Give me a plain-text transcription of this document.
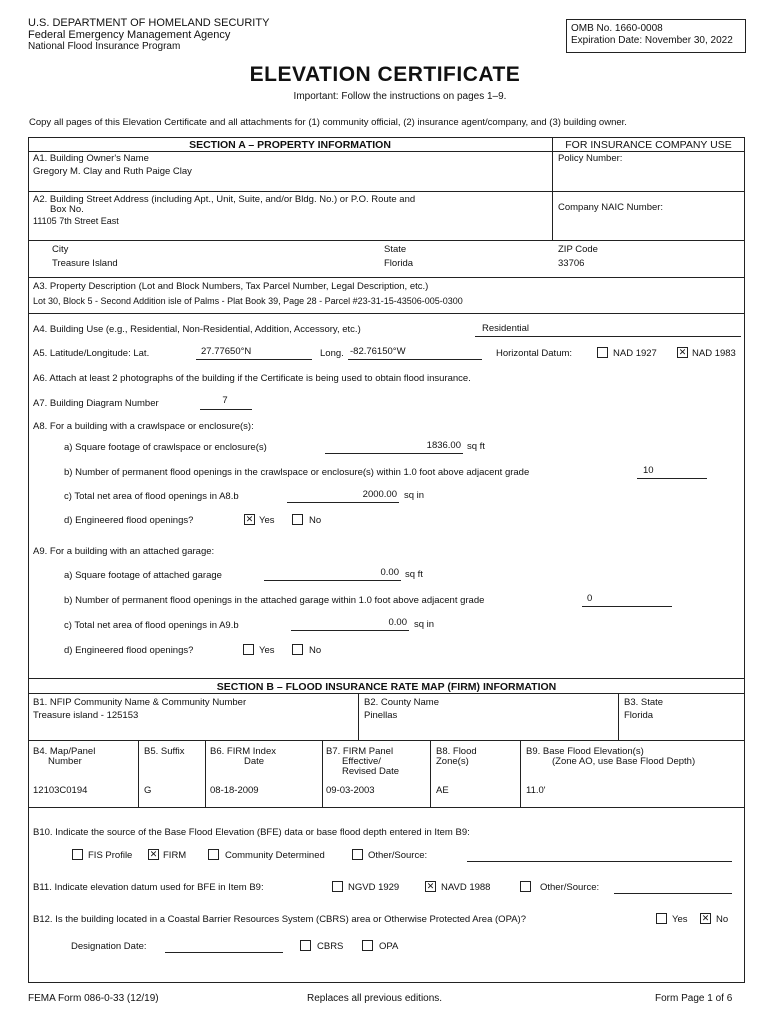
U.S. DEPARTMENT OF HOMELAND SECURITY
Federal Emergency Management Agency
National Flood Insurance Program
OMB No. 1660-0008
Expiration Date: November 30, 2022
ELEVATION CERTIFICATE
Important: Follow the instructions on pages 1–9.
Copy all pages of this Elevation Certificate and all attachments for (1) community official, (2) insurance agent/company, and (3) building owner.
SECTION A – PROPERTY INFORMATION	FOR INSURANCE COMPANY USE
A1. Building Owner's Name
Gregory M. Clay and Ruth Paige Clay
Policy Number:
A2. Building Street Address (including Apt., Unit, Suite, and/or Bldg. No.) or P.O. Route and
Box No.
11105 7th Street East
Company NAIC Number:
City
Treasure Island
State
Florida
ZIP Code
33706
A3. Property Description (Lot and Block Numbers, Tax Parcel Number, Legal Description, etc.)
Lot 30, Block 5 - Second Addition isle of Palms - Plat Book 39, Page 28 - Parcel #23-31-15-43506-005-0300
A4. Building Use (e.g., Residential, Non-Residential, Addition, Accessory, etc.)	Residential
A5. Latitude/Longitude: Lat.	27.77650°N	Long. -82.76150°W	Horizontal Datum:	NAD 1927 ✕ NAD 1983
A6. Attach at least 2 photographs of the building if the Certificate is being used to obtain flood insurance.
A7. Building Diagram Number	7
A8. For a building with a crawlspace or enclosure(s):
a) Square footage of crawlspace or enclosure(s)	1836.00 sq ft
b) Number of permanent flood openings in the crawlspace or enclosure(s) within 1.0 foot above adjacent grade	10
c) Total net area of flood openings in A8.b	2000.00 sq in
d) Engineered flood openings?	✕ Yes	No
A9. For a building with an attached garage:
a) Square footage of attached garage	0.00 sq ft
b) Number of permanent flood openings in the attached garage within 1.0 foot above adjacent grade	0
c) Total net area of flood openings in A9.b	0.00 sq in
d) Engineered flood openings?	Yes	No
SECTION B – FLOOD INSURANCE RATE MAP (FIRM) INFORMATION
B1. NFIP Community Name & Community Number
Treasure island - 125153
B2. County Name
Pinellas
B3. State
Florida
B4. Map/Panel
Number
12103C0194
B5. Suffix
G
B6. FIRM Index
Date
08-18-2009
B7. FIRM Panel
Effective/
Revised Date
09-03-2003
B8. Flood
Zone(s)
AE
B9. Base Flood Elevation(s)
(Zone AO, use Base Flood Depth)
11.0'
B10. Indicate the source of the Base Flood Elevation (BFE) data or base flood depth entered in Item B9:
FIS Profile ✕ FIRM	Community Determined	Other/Source:
B11. Indicate elevation datum used for BFE in Item B9:	NGVD 1929	✕ NAVD 1988	Other/Source:
B12. Is the building located in a Coastal Barrier Resources System (CBRS) area or Otherwise Protected Area (OPA)?	Yes ✕ No
Designation Date:	CBRS	OPA
FEMA Form 086-0-33 (12/19)	Replaces all previous editions.	Form Page 1 of 6
